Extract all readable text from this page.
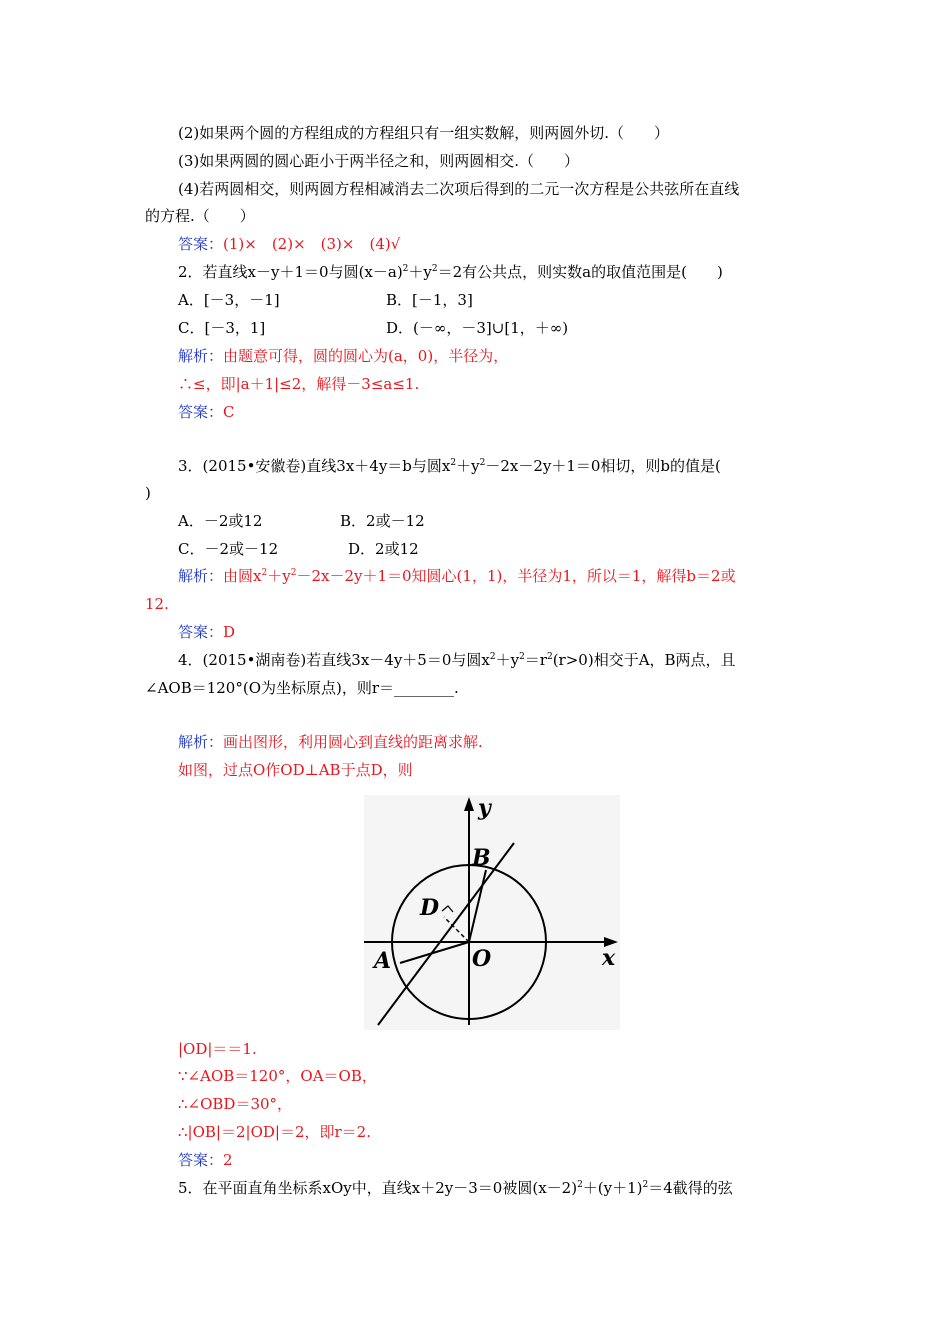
(2)如果两个圆的方程组成的方程组只有一组实数解，则两圆外切.（　　）
(3)如果两圆的圆心距小于两半径之和，则两圆相交.（　　）
(4)若两圆相交，则两圆方程相减消去二次项后得到的二元一次方程是公共弦所在直线
的方程.（　　）
答案：(1)×　(2)×　(3)×　(4)√
2．若直线x－y＋1＝0与圆$(x-a)^2+y^2=2$有公共点，则实数a的取值范围是(　　)
A．[－3，－1]	B．[－1，3]
C．[－3，1]	D．(－∞，－3]∪[1，＋∞)
解析：由题意可得，圆的圆心为(a，0)，半径为，
∴≤，即|a＋1|≤2，解得－3≤a≤1.
答案：C
3．(2015•安徽卷)直线3x＋4y＝b与圆$x^2+y^2-2x-2y+1=0$相切，则b的值是(
)
A．－2或12	B．2或－12
C．－2或－12	D．2或12
解析：由圆$x^2+y^2-2x-2y+1=0$知圆心(1，1)，半径为1，所以＝1，解得b＝2或
12.
答案：D
4．(2015•湖南卷)若直线3x－4y＋5＝0与圆$x^2+y^2=r^2(r>0)$相交于A，B两点，且
∠AOB＝120°(O为坐标原点)，则r＝________.
解析：画出图形，利用圆心到直线的距离求解.
如图，过点O作OD⊥AB于点D，则
y
x
B
D
A	O
|OD|＝＝1.
∵∠AOB＝120°，OA＝OB，
∴∠OBD＝30°，
∴|OB|＝2|OD|＝2，即r＝2.
答案：2
5．在平面直角坐标系xOy中，直线x＋2y－3＝0被圆$(x-2)^2+(y+1)^2=4$截得的弦
